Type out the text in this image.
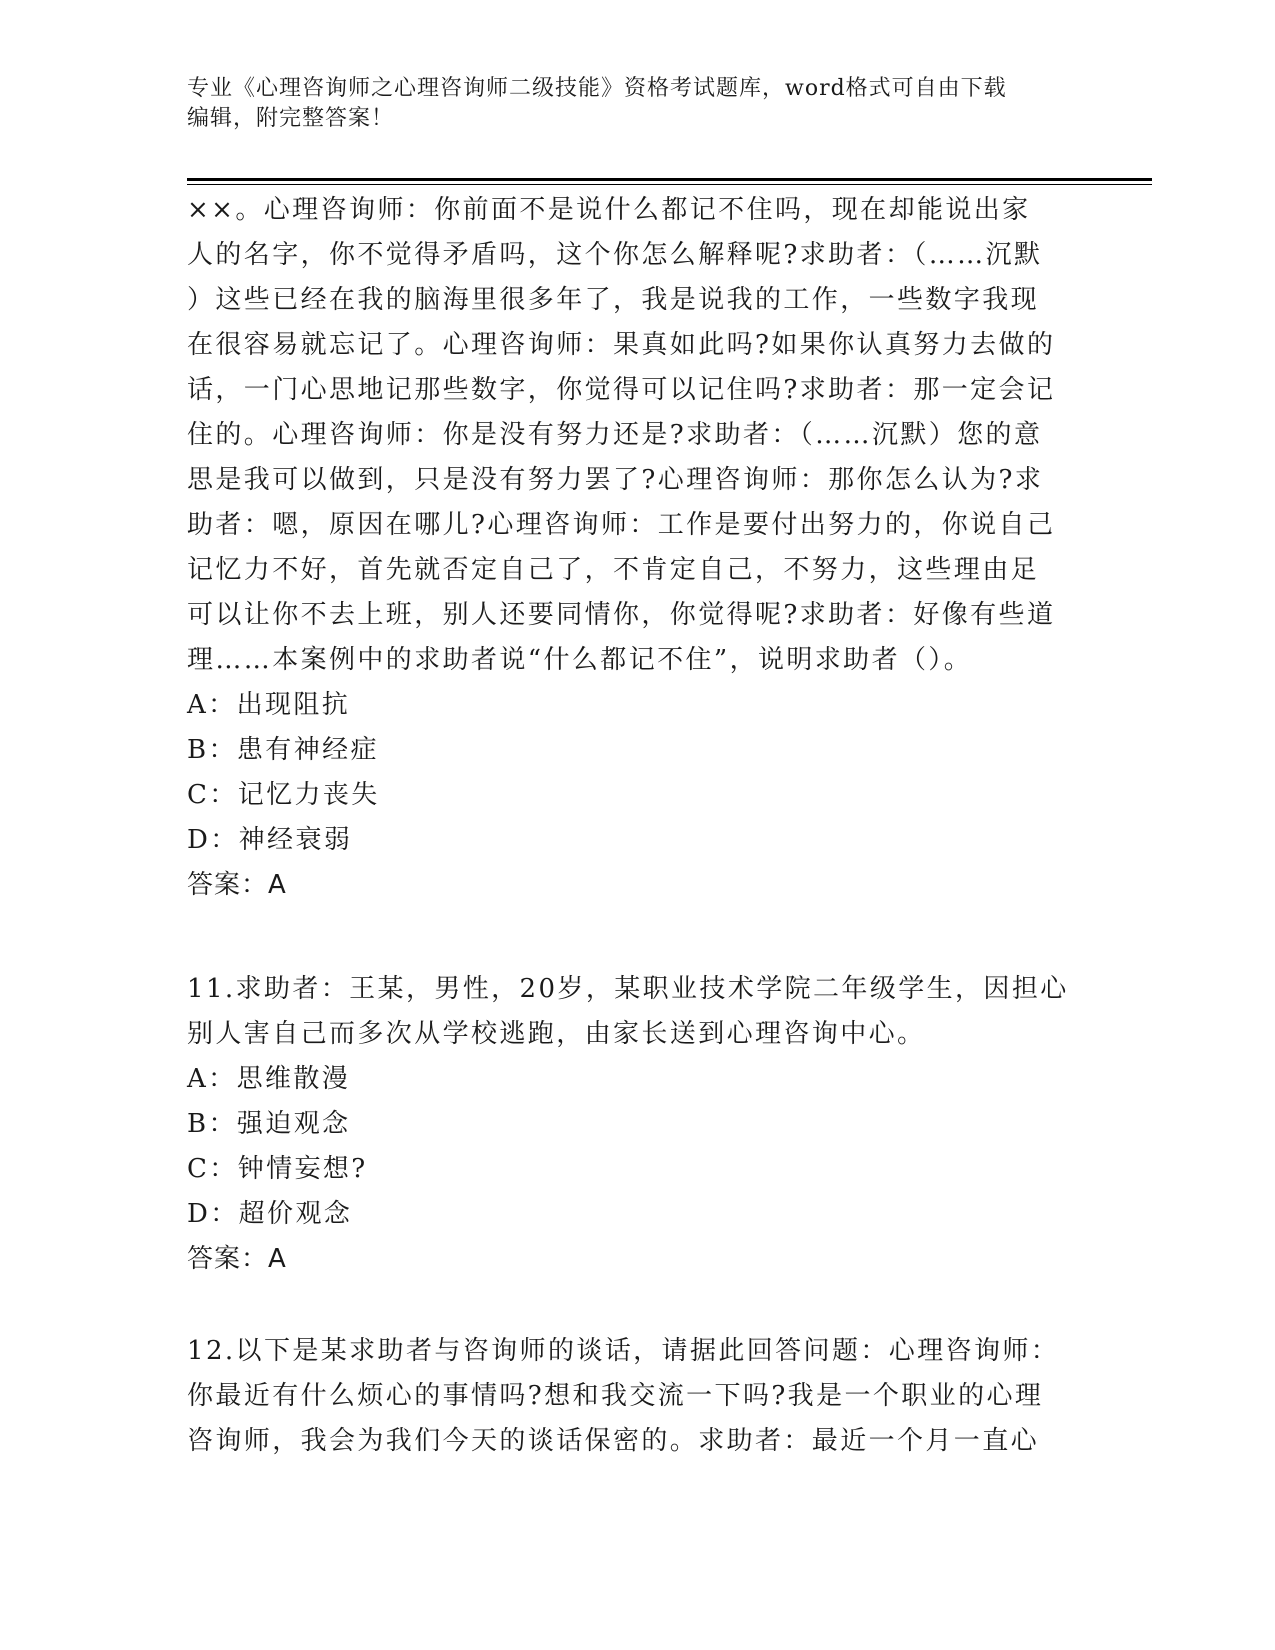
专业《心理咨询师之心理咨询师二级技能》资格考试题库，word格式可自由下载
编辑，附完整答案！
××。心理咨询师：你前面不是说什么都记不住吗，现在却能说出家
人的名字，你不觉得矛盾吗，这个你怎么解释呢?求助者：（……沉默
）这些已经在我的脑海里很多年了，我是说我的工作，一些数字我现
在很容易就忘记了。心理咨询师：果真如此吗?如果你认真努力去做的
话，一门心思地记那些数字，你觉得可以记住吗?求助者：那一定会记
住的。心理咨询师：你是没有努力还是?求助者：（……沉默）您的意
思是我可以做到，只是没有努力罢了?心理咨询师：那你怎么认为?求
助者：嗯，原因在哪儿?心理咨询师：工作是要付出努力的，你说自己
记忆力不好，首先就否定自己了，不肯定自己，不努力，这些理由足
可以让你不去上班，别人还要同情你，你觉得呢?求助者：好像有些道
理……本案例中的求助者说“什么都记不住”，说明求助者（）。
A：出现阻抗
B：患有神经症
C：记忆力丧失
D：神经衰弱
答案：A
11.求助者：王某，男性，20岁，某职业技术学院二年级学生，因担心
别人害自己而多次从学校逃跑，由家长送到心理咨询中心。
A：思维散漫
B：强迫观念
C：钟情妄想?
D：超价观念
答案：A
12.以下是某求助者与咨询师的谈话，请据此回答问题：心理咨询师：
你最近有什么烦心的事情吗?想和我交流一下吗?我是一个职业的心理
咨询师，我会为我们今天的谈话保密的。求助者：最近一个月一直心
